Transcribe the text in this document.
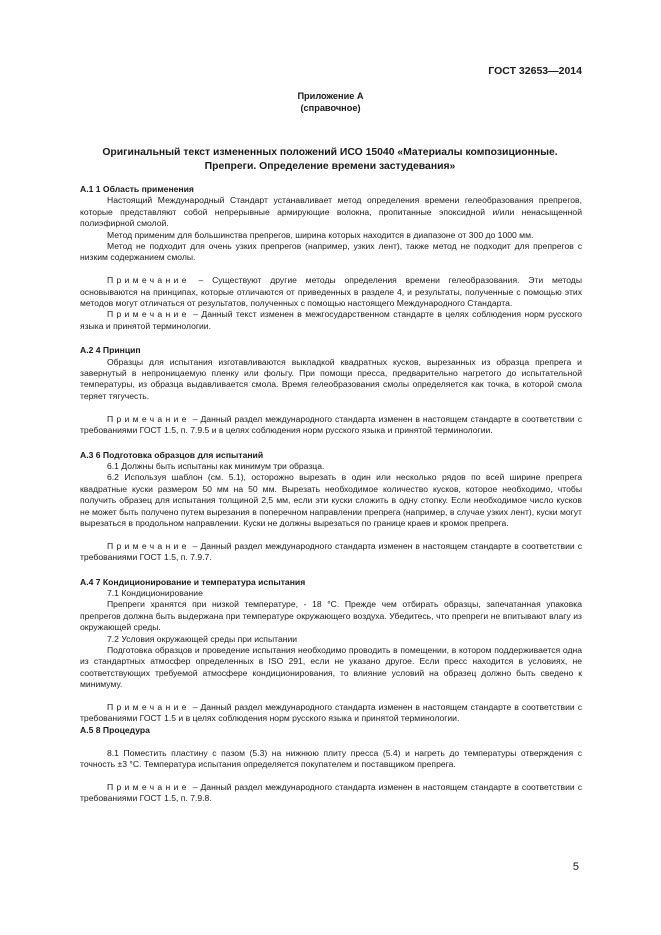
ГОСТ 32653—2014
Приложение А
(справочное)
Оригинальный текст измененных положений ИСО 15040 «Материалы композиционные.
Препреги. Определение времени застудевания»

А.1 1 Область применения

Настоящий Международный Стандарт устанавливает метод определения времени гелеобразования препрегов, которые представляют собой непрерывные армирующие волокна, пропитанные эпоксидной и/или ненасыщенной полиэфирной смолой.

Метод применим для большинства препрегов, ширина которых находится в диапазоне от 300 до 1000 мм.

Метод не подходит для очень узких препрегов (например, узких лент), также метод не подходит для препрегов с низким содержанием смолы.

Примечание – Существуют другие методы определения времени гелеобразования. Эти методы основываются на принципах, которые отличаются от приведенных в разделе 4, и результаты, полученные с помощью этих методов могут отличаться от результатов, полученных с помощью настоящего Международного Стандарта.

Примечание – Данный текст изменен в межгосударственном стандарте в целях соблюдения норм русского языка и принятой терминологии.

А.2 4 Принцип

Образцы для испытания изготавливаются выкладкой квадратных кусков, вырезанных из образца препрега и завернутый в непроницаемую пленку или фольгу. При помощи пресса, предварительно нагретого до испытательной температуры, из образца выдавливается смола. Время гелеобразования смолы определяется как точка, в которой смола теряет тягучесть.

Примечание – Данный раздел международного стандарта изменен в настоящем стандарте в соответствии с требованиями ГОСТ 1.5, п. 7.9.5 и в целях соблюдения норм русского языка и принятой терминологии.

А.3 6 Подготовка образцов для испытаний

6.1 Должны быть испытаны как минимум три образца.

6.2 Используя шаблон (см. 5.1), осторожно вырезать в один или несколько рядов по всей ширине препрега квадратные куски размером 50 мм на 50 мм. Вырезать необходимое количество кусков, которое необходимо, чтобы получить образец для испытания толщиной 2,5 мм, если эти куски сложить в одну стопку. Если необходимое число кусков не может быть получено путем вырезания в поперечном направлении препрега (например, в случае узких лент), куски могут вырезаться в продольном направлении. Куски не должны вырезаться по границе краев и кромок препрега.

Примечание – Данный раздел международного стандарта изменен в настоящем стандарте в соответствии с требованиями ГОСТ 1.5, п. 7.9.7.

А.4 7 Кондиционирование и температура испытания

7.1 Кондиционирование

Препреги хранятся при низкой температуре, - 18 °С. Прежде чем отбирать образцы, запечатанная упаковка препрегов должна быть выдержана при температуре окружающего воздуха. Убедитесь, что препреги не впитывают влагу из окружающей среды.

7.2 Условия окружающей среды при испытании

Подготовка образцов и проведение испытания необходимо проводить в помещении, в котором поддерживается одна из стандартных атмосфер определенных в ISO 291, если не указано другое. Если пресс находится в условиях, не соответствующих требуемой атмосфере кондиционирования, то влияние условий на образец должно быть сведено к минимуму.

Примечание – Данный раздел международного стандарта изменен в настоящем стандарте в соответствии с требованиями ГОСТ 1.5 и в целях соблюдения норм русского языка и принятой терминологии.

А.5 8 Процедура

8.1 Поместить пластину с пазом (5.3) на нижнюю плиту пресса (5.4) и нагреть до температуры отверждения с точность ±3 °С. Температура испытания определяется покупателем и поставщиком препрега.

Примечание – Данный раздел международного стандарта изменен в настоящем стандарте в соответствии с требованиями ГОСТ 1.5, п. 7.9.8.

5
